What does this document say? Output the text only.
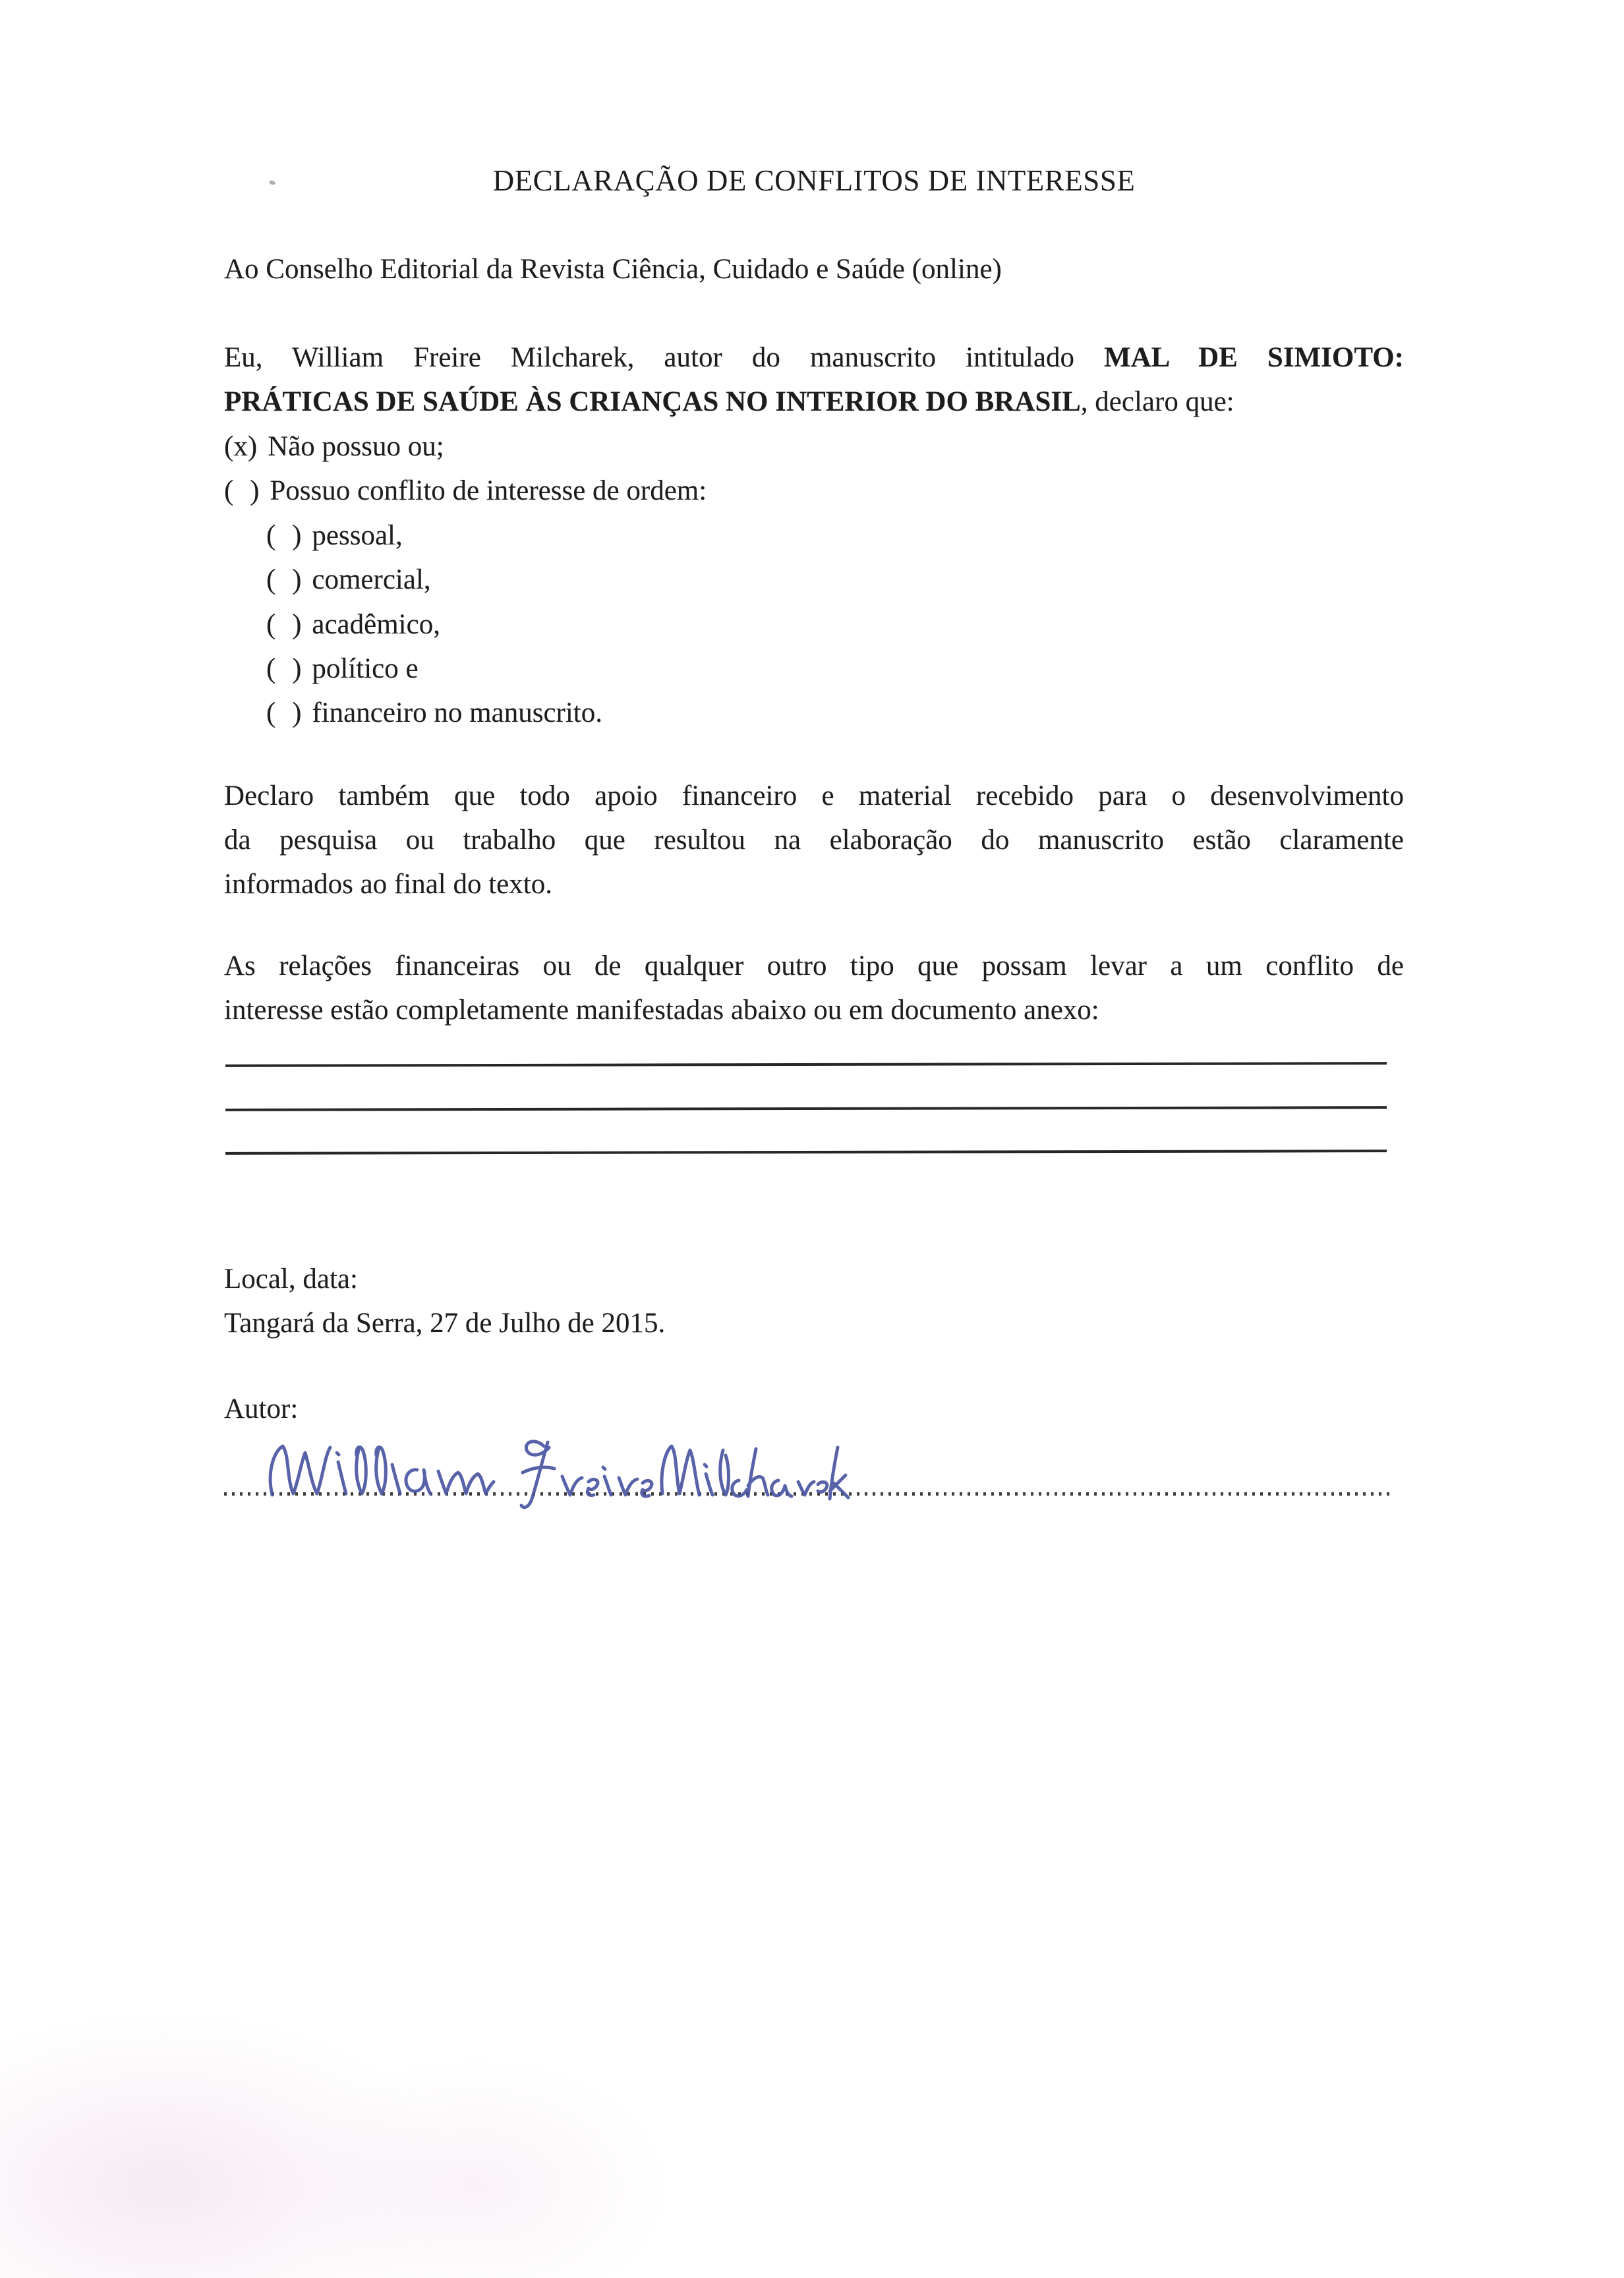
DECLARAÇÃO DE CONFLITOS DE INTERESSE
Ao Conselho Editorial da Revista Ciência, Cuidado e Saúde (online)
Eu, William Freire Milcharek, autor do manuscrito intitulado MAL DE SIMIOTO:
PRÁTICAS DE SAÚDE ÀS CRIANÇAS NO INTERIOR DO BRASIL, declaro que:
(x) Não possuo ou;
( ) Possuo conflito de interesse de ordem:
( ) pessoal,
( ) comercial,
( ) acadêmico,
( ) político e
( ) financeiro no manuscrito.
Declaro também que todo apoio financeiro e material recebido para o desenvolvimento
da pesquisa ou trabalho que resultou na elaboração do manuscrito estão claramente
informados ao final do texto.
As relações financeiras ou de qualquer outro tipo que possam levar a um conflito de
interesse estão completamente manifestadas abaixo ou em documento anexo:
Local, data:
Tangará da Serra, 27 de Julho de 2015.
Autor:
